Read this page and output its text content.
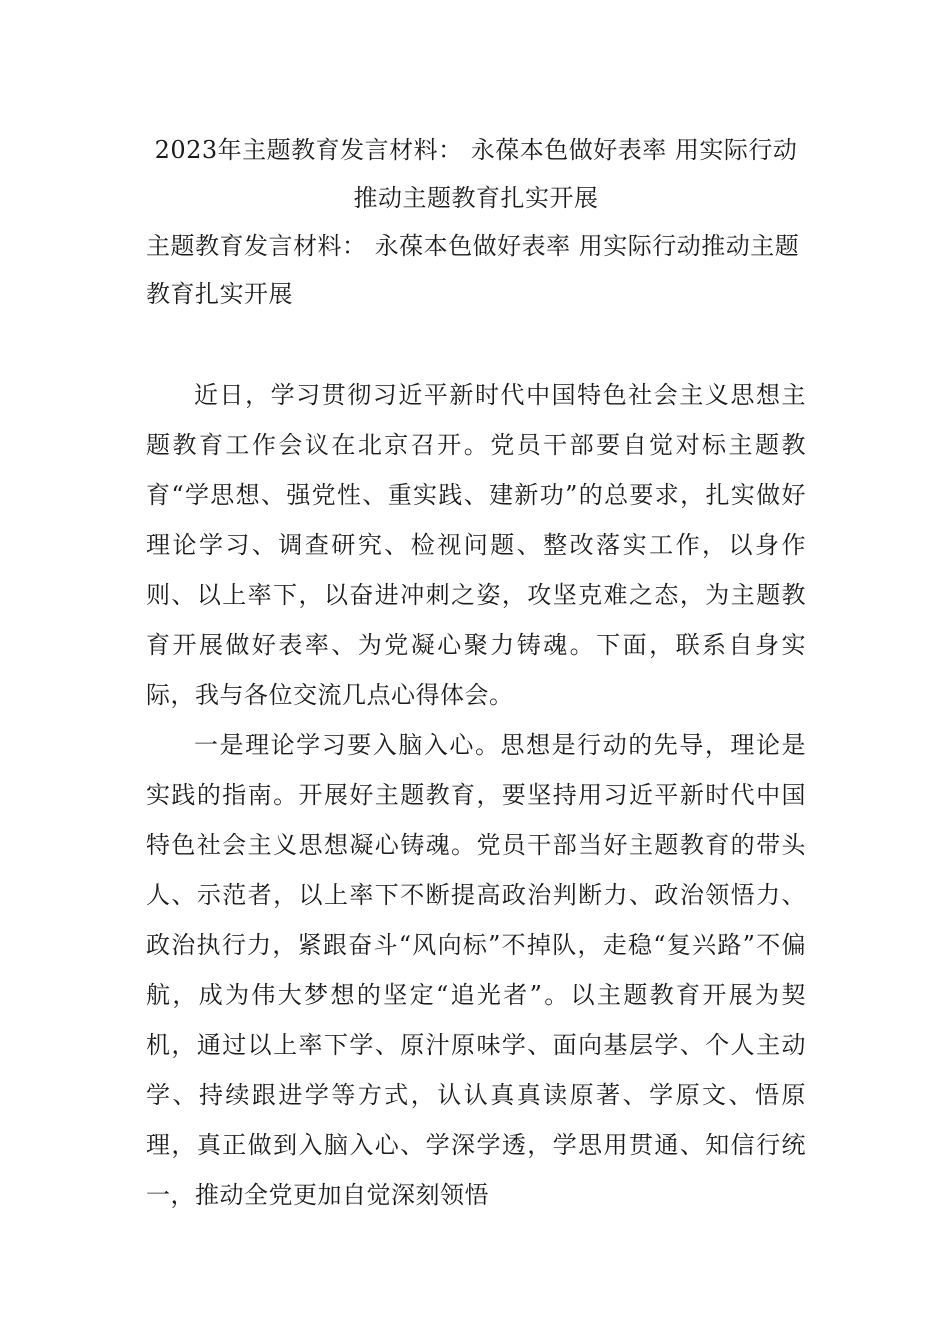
2023年主题教育发言材料： 永葆本色做好表率 用实际行动推动主题教育扎实开展
主题教育发言材料： 永葆本色做好表率 用实际行动推动主题教育扎实开展

近日，学习贯彻习近平新时代中国特色社会主义思想主题教育工作会议在北京召开。党员干部要自觉对标主题教育“学思想、强党性、重实践、建新功”的总要求，扎实做好理论学习、调查研究、检视问题、整改落实工作，以身作则、以上率下，以奋进冲刺之姿，攻坚克难之态，为主题教育开展做好表率、为党凝心聚力铸魂。下面，联系自身实际，我与各位交流几点心得体会。

一是理论学习要入脑入心。思想是行动的先导，理论是实践的指南。开展好主题教育，要坚持用习近平新时代中国特色社会主义思想凝心铸魂。党员干部当好主题教育的带头人、示范者，以上率下不断提高政治判断力、政治领悟力、政治执行力，紧跟奋斗“风向标”不掉队，走稳“复兴路”不偏航，成为伟大梦想的坚定“追光者”。以主题教育开展为契机，通过以上率下学、原汁原味学、面向基层学、个人主动学、持续跟进学等方式，认认真真读原著、学原文、悟原理，真正做到入脑入心、学深学透，学思用贯通、知信行统一，推动全党更加自觉深刻领悟
